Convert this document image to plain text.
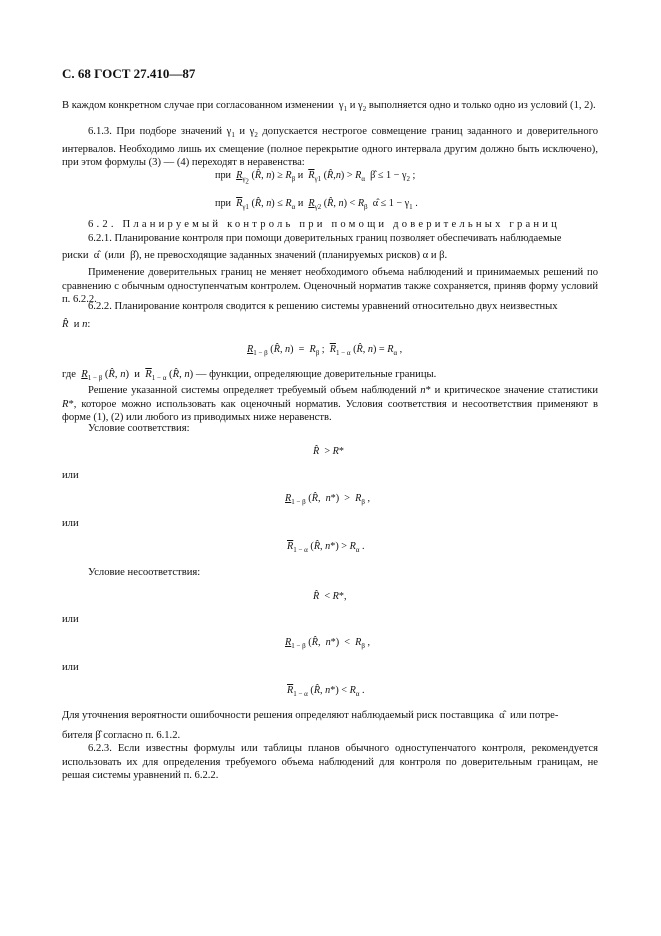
С. 68 ГОСТ 27.410—87
В каждом конкретном случае при согласованном изменении  $\gamma_1$ и $\gamma_2$ выполняется одно и только одно из условий (1, 2).
6.1.3. При подборе значений $\gamma_1$ и $\gamma_2$ допускается нестрогое совмещение границ заданного и доверительного интервалов. Необходимо лишь их смещение (полное перекрытие одного интервала другим должно быть исключено), при этом формулы (3) — (4) переходят в неравенства:
при  $R_{\gamma_2}$ (R̂, $n) \ge R_\beta$ и  $\overline{R}_{\gamma 1}$ (R̂,n) > $R_\alpha$  β̂ ≤ $1 - \gamma_2$ ;
при  $\overline{R}_{\gamma 1}$ (R̂, $n) \le R_\alpha$ и  $R_{\gamma 2}$ (R̂, $n) < R_\beta$  α̂ ≤ $1 - \gamma_1$ .
6.2. Планируемый контроль при помощи доверительных границ
6.2.1. Планирование контроля при помощи доверительных границ позволяет обеспечивать наблюдаемые
риски  α̂  (или  β̂), не превосходящие заданных значений (планируемых рисков) α и β.
Применение доверительных границ не меняет необходимого объема наблюдений и принимаемых решений по сравнению с обычным одноступенчатым контролем. Оценочный норматив также сохраняется, приняв форму условий п. 6.2.2.
6.2.2. Планирование контроля сводится к решению системы уравнений относительно двух неизвестных
R̂  и n:
$R_{1 - \beta}$ (R̂, $n) = R_\beta$ ;  $\overline{R}_{1 - \alpha}$ (R̂, $n) = R_\alpha$ ,
где  $R_{1 - \beta}$ (R̂, n)  и  $\overline{R}_{1 - \alpha}$ (R̂, n) — функции, определяющие доверительные границы.
Решение указанной системы определяет требуемый объем наблюдений n* и критическое значение статистики R*, которое можно использовать как оценочный норматив. Условия соответствия и несоответствия применяют в форме (1), (2) или любого из приводимых ниже неравенств.
Условие соответствия:
R̂  > R*
или
$R_{1 - \beta}$ (R̂,  $n*) > R_\beta$ ,
или
$\overline{R}_{1 - \alpha}$ (R̂, $n*) > R_\alpha$ .
Условие несоответствия:
R̂  < R*,
или
$R_{1 - \beta}$ (R̂,  $n*) < R_\beta$ ,
или
$\overline{R}_{1 - \alpha}$ (R̂, $n*) < R_\alpha$ .
Для уточнения вероятности ошибочности решения определяют наблюдаемый риск поставщика  α̂  или потре-
бителя β̂ согласно п. 6.1.2.
6.2.3. Если известны формулы или таблицы планов обычного одноступенчатого контроля, рекомендуется использовать их для определения требуемого объема наблюдений для контроля по доверительным границам, не решая системы уравнений п. 6.2.2.
